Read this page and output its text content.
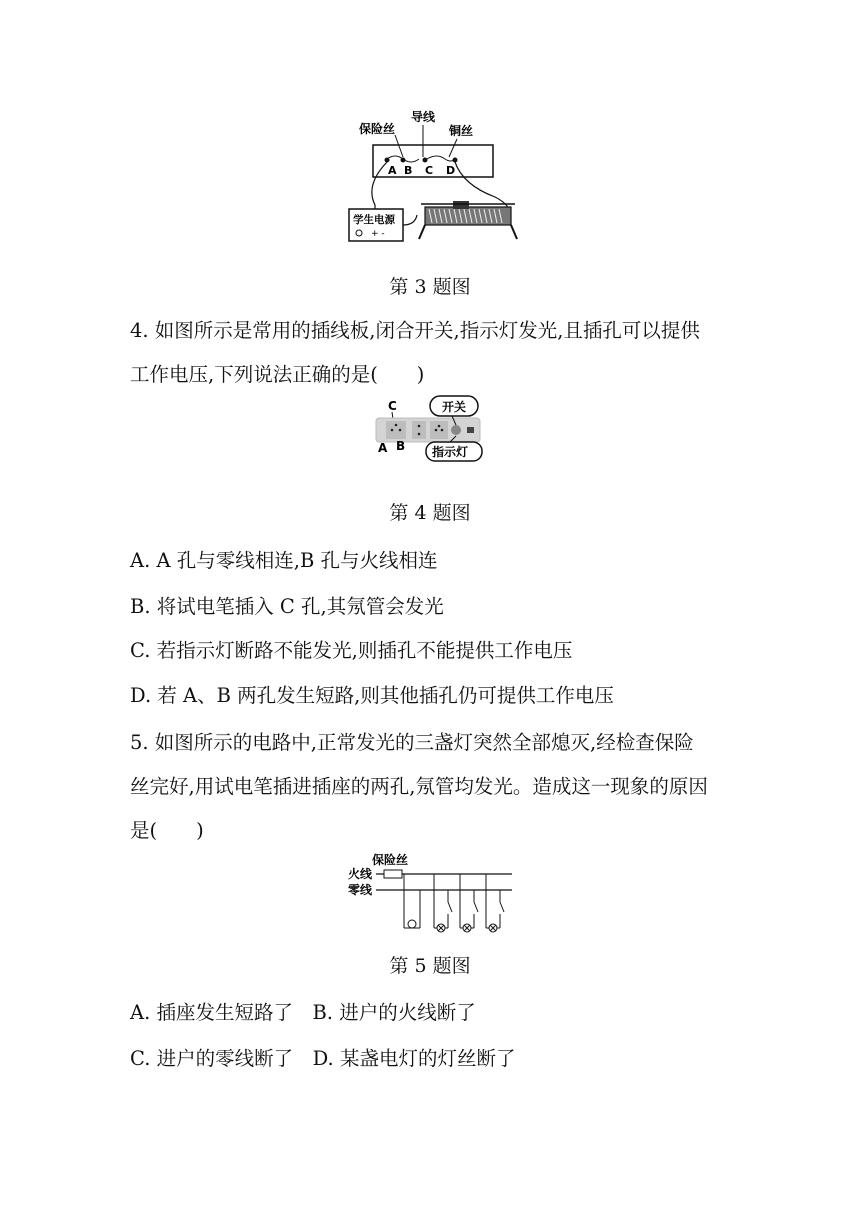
保险丝
导线
铜丝
A B C D
学生电源
+ -
第 3 题图
4. 如图所示是常用的插线板,闭合开关,指示灯发光,且插孔可以提供
工作电压,下列说法正确的是(　　)
C
A B
开关
指示灯
第 4 题图
A. A 孔与零线相连,B 孔与火线相连
B. 将试电笔插入 C 孔,其氖管会发光
C. 若指示灯断路不能发光,则插孔不能提供工作电压
D. 若 A、B 两孔发生短路,则其他插孔仍可提供工作电压
5. 如图所示的电路中,正常发光的三盏灯突然全部熄灭,经检查保险
丝完好,用试电笔插进插座的两孔,氖管均发光。造成这一现象的原因
是(　　)
保险丝
火线
零线
第 5 题图
A. 插座发生短路了　B. 进户的火线断了
C. 进户的零线断了　D. 某盏电灯的灯丝断了
